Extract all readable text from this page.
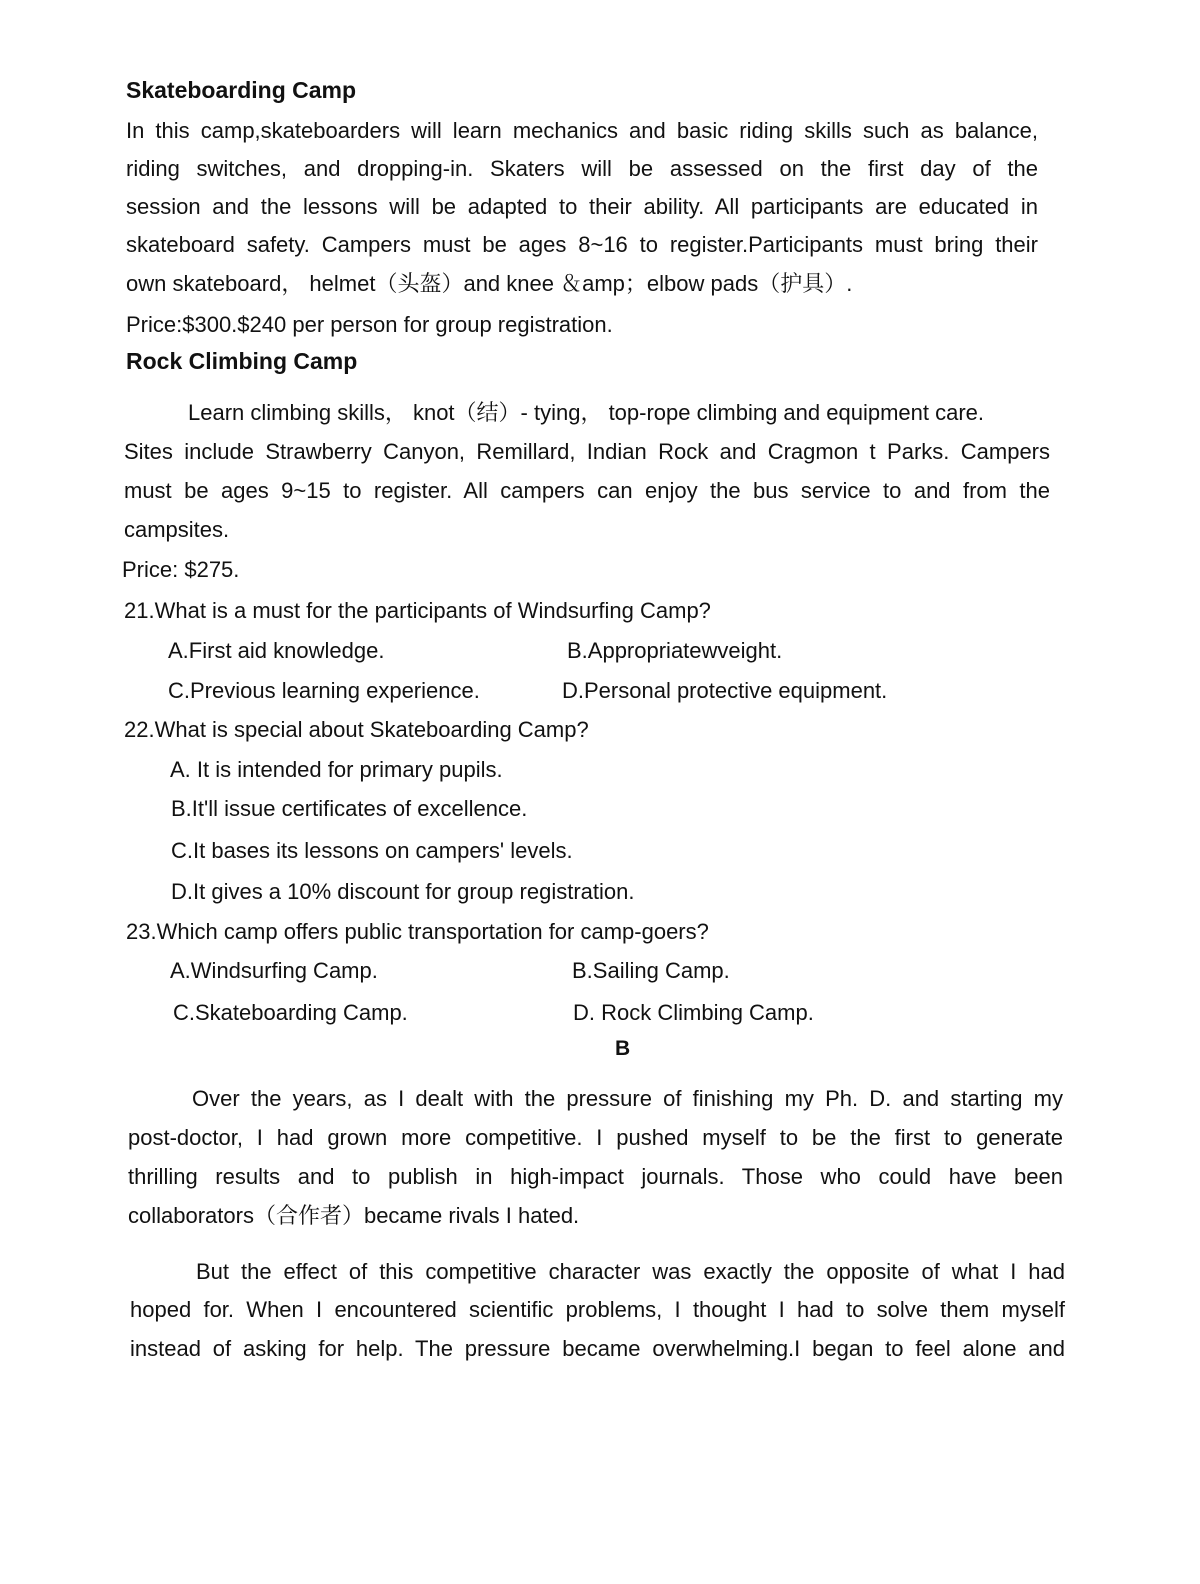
Skateboarding Camp
In this camp,skateboarders will learn mechanics and basic riding skills such as balance,
riding switches, and dropping-in. Skaters will be assessed on the first day of the
session and the lessons will be adapted to their ability. All participants are educated in
skateboard safety. Campers must be ages 8~16 to register.Participants must bring their
own skateboard， helmet（头盔）and knee ＆amp；elbow pads（护具）.
Price:$300.$240 per person for group registration.
Rock Climbing Camp
Learn climbing skills， knot（结）- tying， top-rope climbing and equipment care.
Sites include Strawberry Canyon, Remillard, Indian Rock and Cragmon t Parks. Campers
must be ages 9~15 to register. All campers can enjoy the bus service to and from the
campsites.
Price: $275.
21.What is a must for the participants of Windsurfing Camp?
A.First aid knowledge.	B.Appropriatewveight.
C.Previous learning experience.	D.Personal protective equipment.
22.What is special about Skateboarding Camp?
A. It is intended for primary pupils.
B.It'll issue certificates of excellence.
C.It bases its lessons on campers' levels.
D.It gives a 10% discount for group registration.
23.Which camp offers public transportation for camp-goers?
A.Windsurfing Camp.	B.Sailing Camp.
C.Skateboarding Camp.	D. Rock Climbing Camp.
B
Over the years, as I dealt with the pressure of finishing my Ph. D. and starting my
post-doctor, I had grown more competitive. I pushed myself to be the first to generate
thrilling results and to publish in high-impact journals. Those who could have been
collaborators（合作者）became rivals I hated.
But the effect of this competitive character was exactly the opposite of what I had
hoped for. When I encountered scientific problems, I thought I had to solve them myself
instead of asking for help. The pressure became overwhelming.I began to feel alone and
